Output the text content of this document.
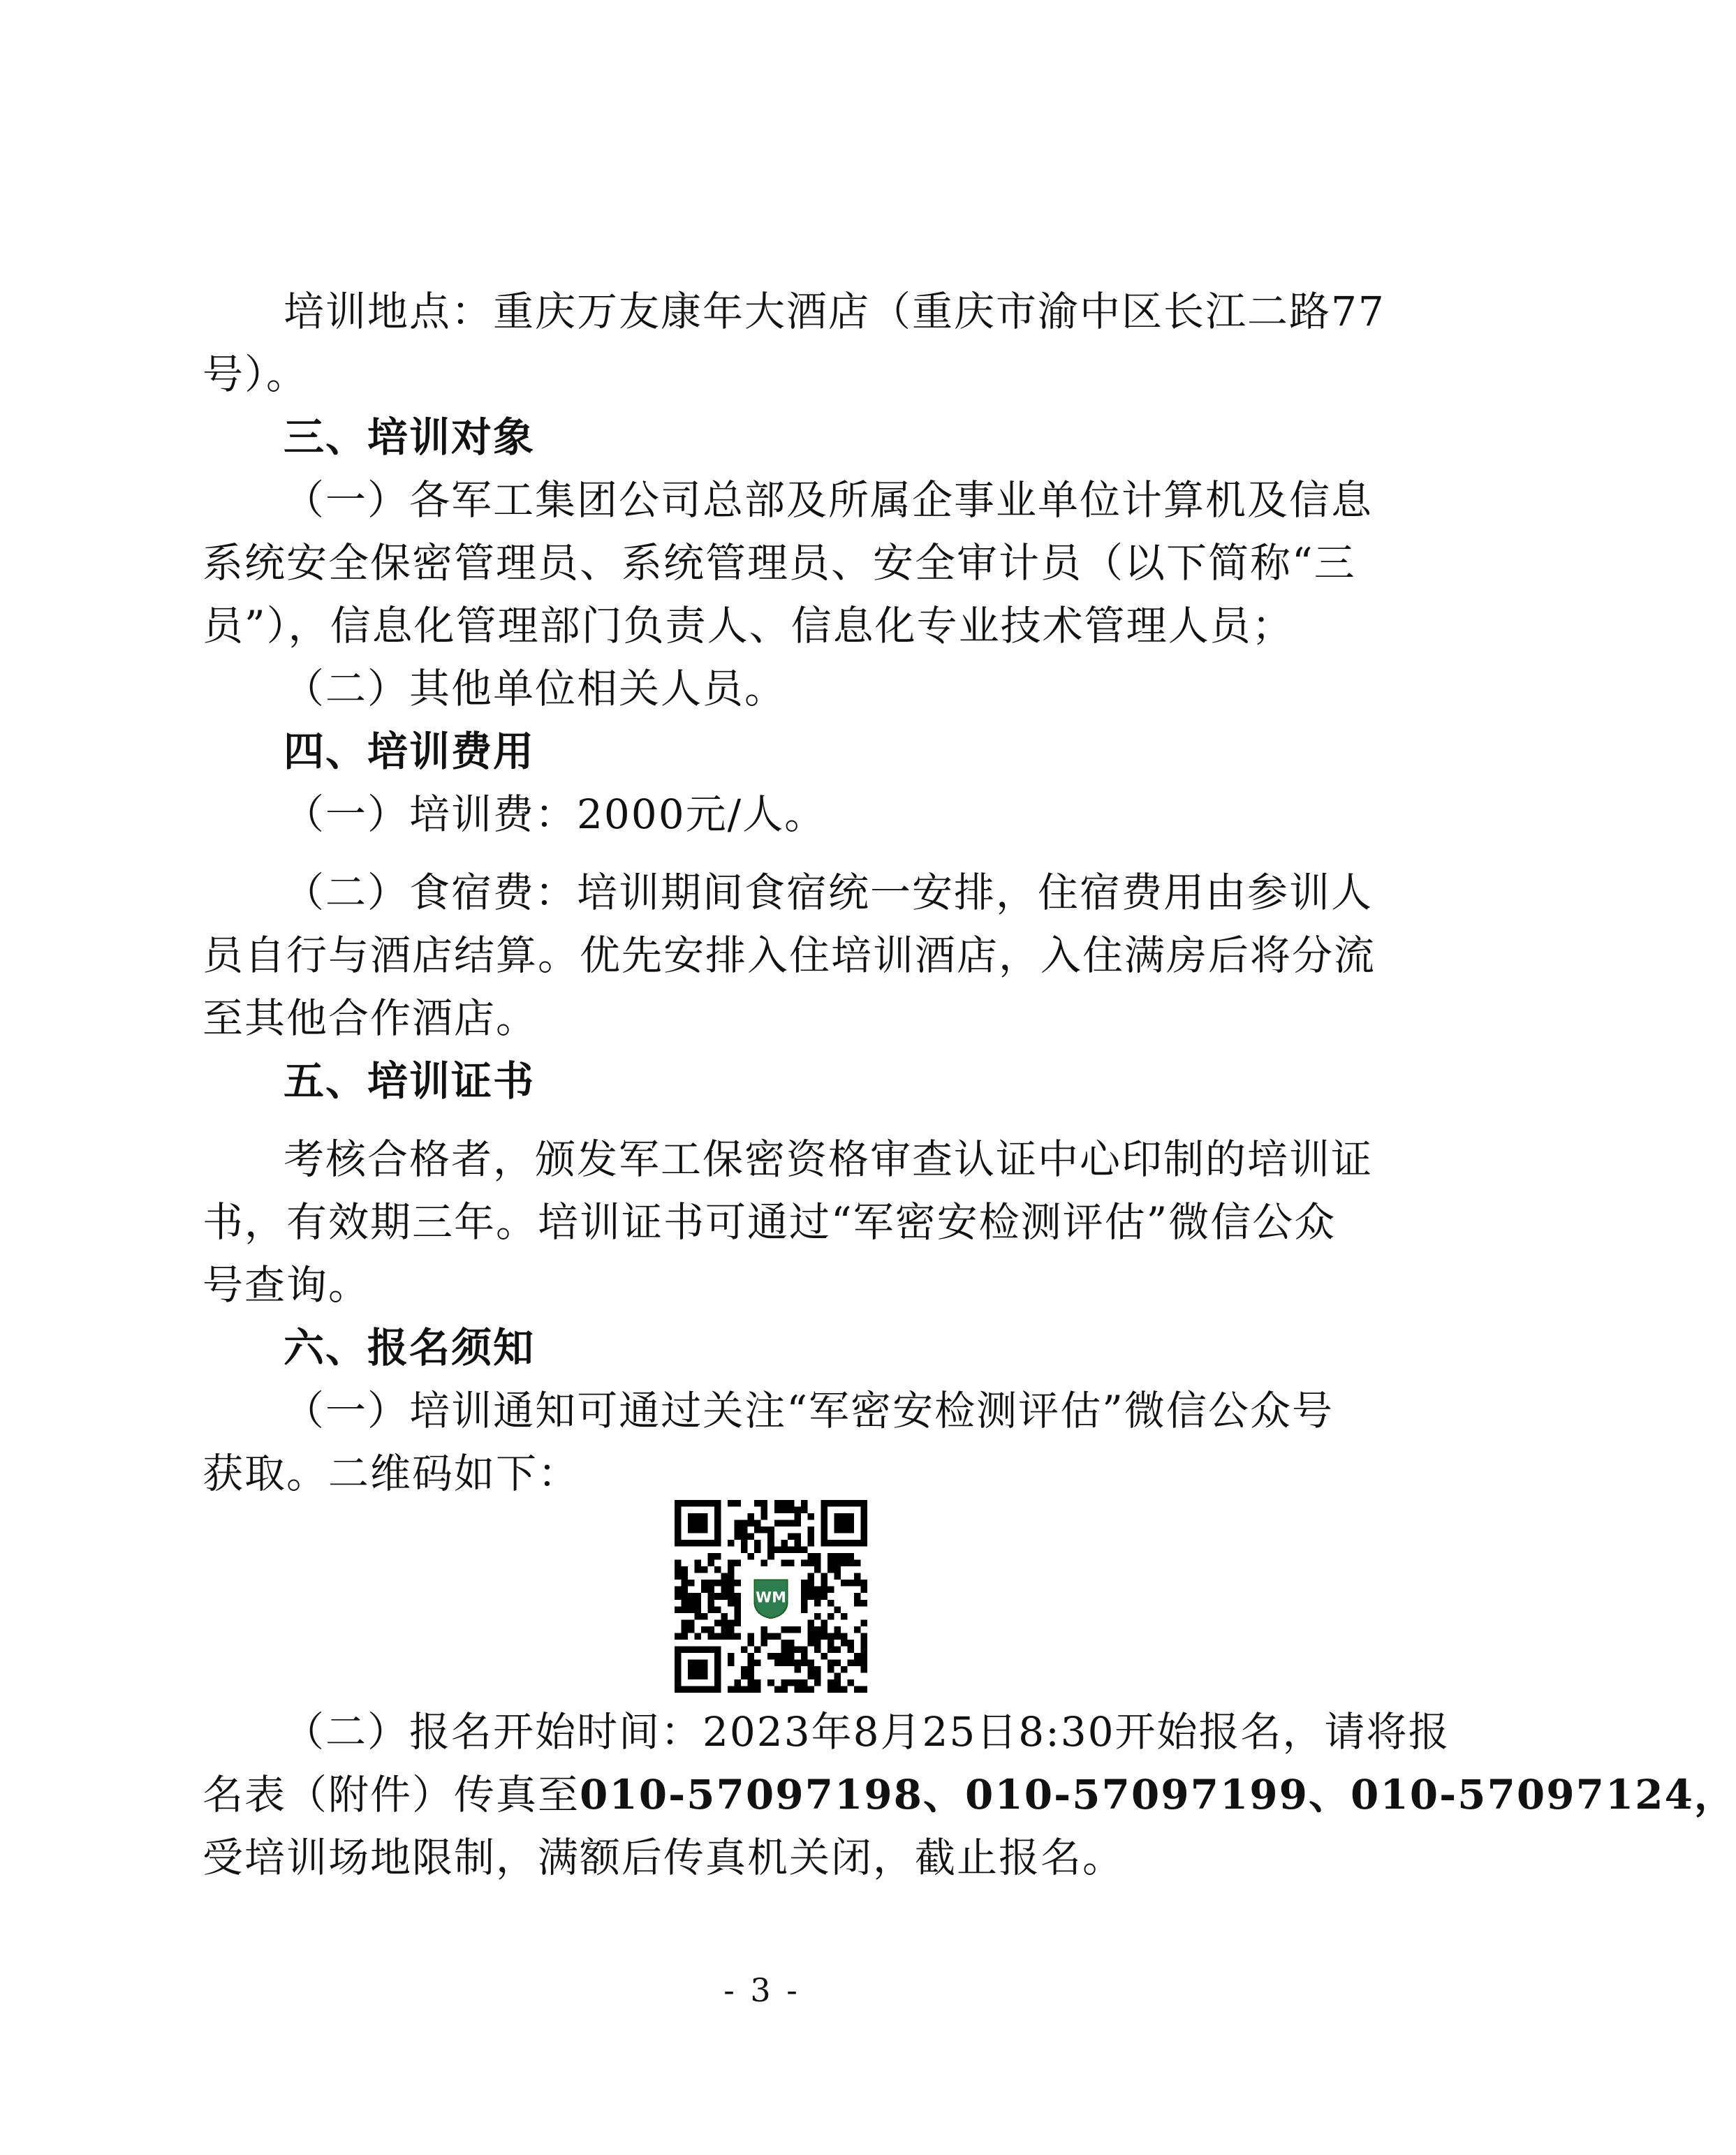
培训地点：重庆万友康年大酒店（重庆市渝中区长江二路77
号）。
三、培训对象
（一）各军工集团公司总部及所属企事业单位计算机及信息
系统安全保密管理员、系统管理员、安全审计员（以下简称“三
员”），信息化管理部门负责人、信息化专业技术管理人员；
（二）其他单位相关人员。
四、培训费用
（一）培训费：2000元/人。
（二）食宿费：培训期间食宿统一安排，住宿费用由参训人
员自行与酒店结算。优先安排入住培训酒店，入住满房后将分流
至其他合作酒店。
五、培训证书
考核合格者，颁发军工保密资格审查认证中心印制的培训证
书，有效期三年。培训证书可通过“军密安检测评估”微信公众
号查询。
六、报名须知
（一）培训通知可通过关注“军密安检测评估”微信公众号
获取。二维码如下：
WM
（二）报名开始时间：2023年8月25日8:30开始报名，请将报
名表（附件）传真至010-57097198、010-57097199、010-57097124，
受培训场地限制，满额后传真机关闭，截止报名。
- 3 -
